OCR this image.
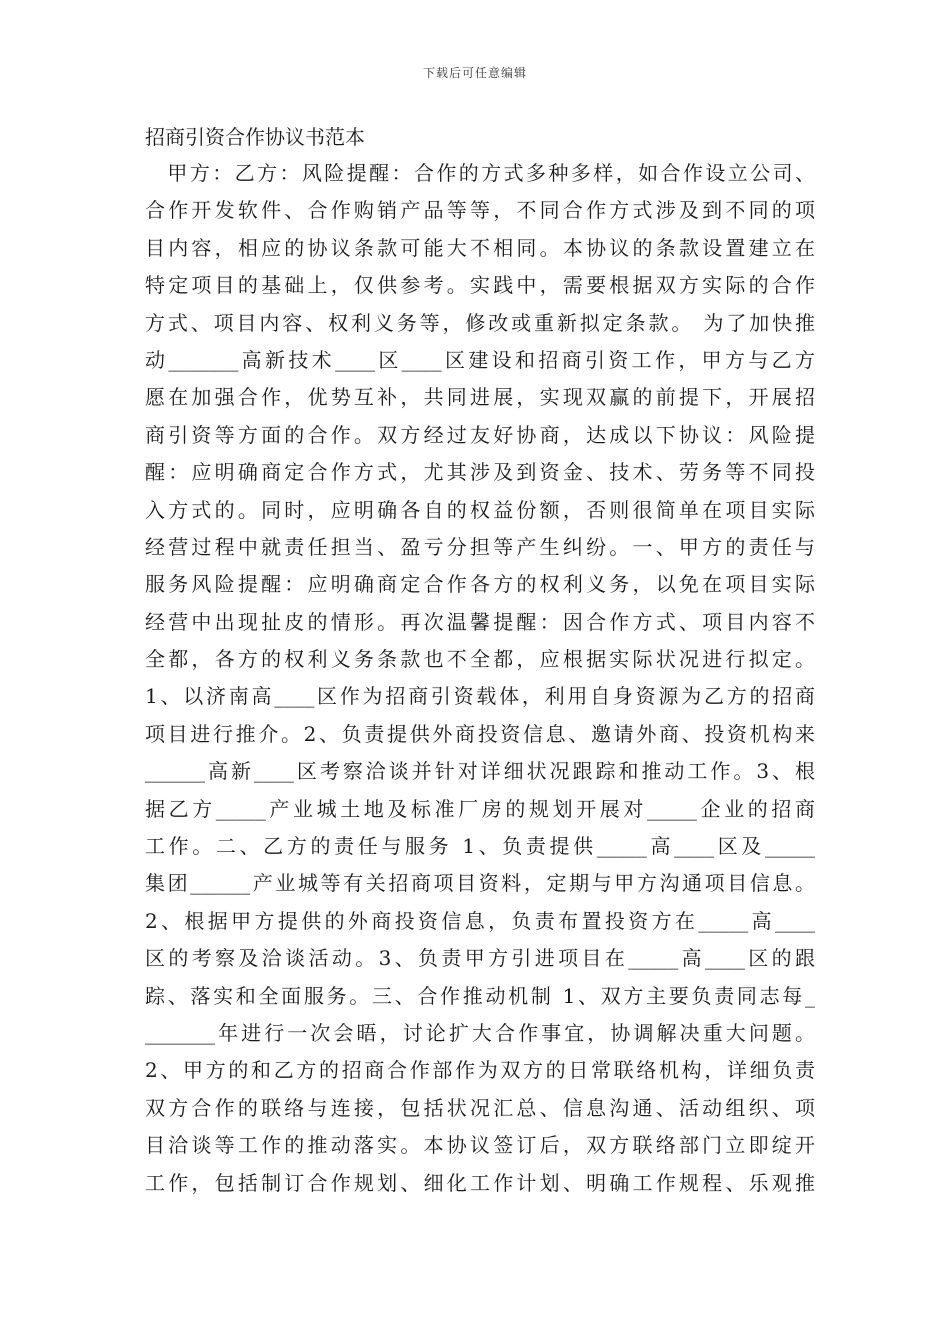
下载后可任意编辑
招商引资合作协议书范本
　甲方：乙方：风险提醒：合作的方式多种多样，如合作设立公司、
合作开发软件、合作购销产品等等，不同合作方式涉及到不同的项
目内容，相应的协议条款可能大不相同。本协议的条款设置建立在
特定项目的基础上，仅供参考。实践中，需要根据双方实际的合作
方式、项目内容、权利义务等，修改或重新拟定条款。 为了加快推
动_______高新技术____区____区建设和招商引资工作，甲方与乙方
愿在加强合作，优势互补，共同进展，实现双赢的前提下，开展招
商引资等方面的合作。双方经过友好协商，达成以下协议：风险提
醒：应明确商定合作方式，尤其涉及到资金、技术、劳务等不同投
入方式的。同时，应明确各自的权益份额，否则很简单在项目实际
经营过程中就责任担当、盈亏分担等产生纠纷。一、甲方的责任与
服务风险提醒：应明确商定合作各方的权利义务，以免在项目实际
经营中出现扯皮的情形。再次温馨提醒：因合作方式、项目内容不
全都，各方的权利义务条款也不全都，应根据实际状况进行拟定。
1、以济南高____区作为招商引资载体，利用自身资源为乙方的招商
项目进行推介。2、负责提供外商投资信息、邀请外商、投资机构来
______高新____区考察洽谈并针对详细状况跟踪和推动工作。3、根
据乙方_____产业城土地及标准厂房的规划开展对_____企业的招商
工作。二、乙方的责任与服务 1、负责提供_____高____区及_____
集团______产业城等有关招商项目资料，定期与甲方沟通项目信息。
2、根据甲方提供的外商投资信息，负责布置投资方在_____高____
区的考察及洽谈活动。3、负责甲方引进项目在_____高____区的跟
踪、落实和全面服务。三、合作推动机制 1、双方主要负责同志每_
_______年进行一次会晤，讨论扩大合作事宜，协调解决重大问题。
2、甲方的和乙方的招商合作部作为双方的日常联络机构，详细负责
双方合作的联络与连接，包括状况汇总、信息沟通、活动组织、项
目洽谈等工作的推动落实。本协议签订后，双方联络部门立即绽开
工作，包括制订合作规划、细化工作计划、明确工作规程、乐观推
